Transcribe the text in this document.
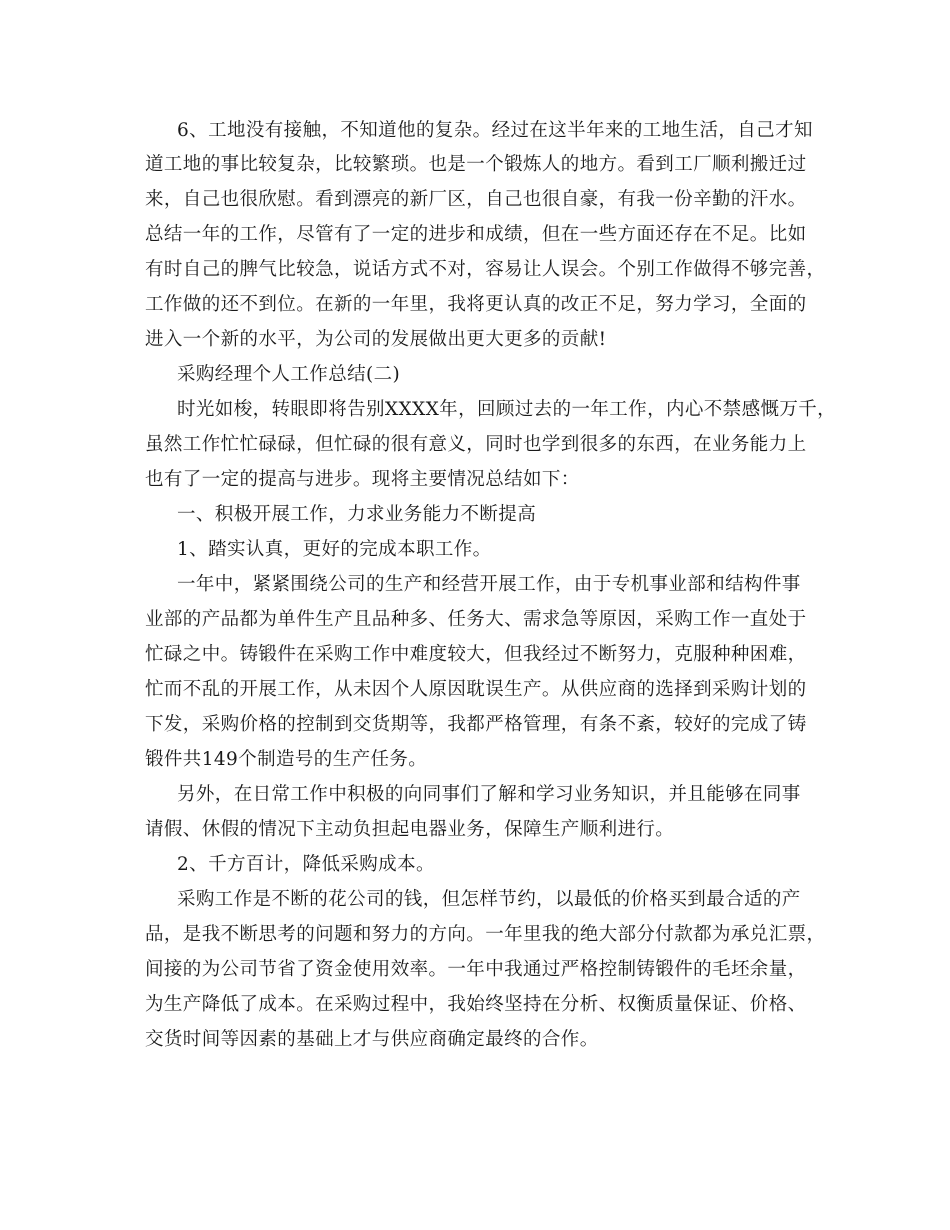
6、工地没有接触，不知道他的复杂。经过在这半年来的工地生活，自己才知
道工地的事比较复杂，比较繁琐。也是一个锻炼人的地方。看到工厂顺利搬迁过
来，自己也很欣慰。看到漂亮的新厂区，自己也很自豪，有我一份辛勤的汗水。
总结一年的工作，尽管有了一定的进步和成绩，但在一些方面还存在不足。比如
有时自己的脾气比较急，说话方式不对，容易让人误会。个别工作做得不够完善，
工作做的还不到位。在新的一年里，我将更认真的改正不足，努力学习，全面的
进入一个新的水平，为公司的发展做出更大更多的贡献!
采购经理个人工作总结(二)
时光如梭，转眼即将告别XXXX年，回顾过去的一年工作，内心不禁感慨万千，
虽然工作忙忙碌碌，但忙碌的很有意义，同时也学到很多的东西，在业务能力上
也有了一定的提高与进步。现将主要情况总结如下：
一、积极开展工作，力求业务能力不断提高
1、踏实认真，更好的完成本职工作。
一年中，紧紧围绕公司的生产和经营开展工作，由于专机事业部和结构件事
业部的产品都为单件生产且品种多、任务大、需求急等原因，采购工作一直处于
忙碌之中。铸锻件在采购工作中难度较大，但我经过不断努力，克服种种困难，
忙而不乱的开展工作，从未因个人原因耽误生产。从供应商的选择到采购计划的
下发，采购价格的控制到交货期等，我都严格管理，有条不紊，较好的完成了铸
锻件共149个制造号的生产任务。
另外，在日常工作中积极的向同事们了解和学习业务知识，并且能够在同事
请假、休假的情况下主动负担起电器业务，保障生产顺利进行。
2、千方百计，降低采购成本。
采购工作是不断的花公司的钱，但怎样节约，以最低的价格买到最合适的产
品，是我不断思考的问题和努力的方向。一年里我的绝大部分付款都为承兑汇票，
间接的为公司节省了资金使用效率。一年中我通过严格控制铸锻件的毛坯余量，
为生产降低了成本。在采购过程中，我始终坚持在分析、权衡质量保证、价格、
交货时间等因素的基础上才与供应商确定最终的合作。
